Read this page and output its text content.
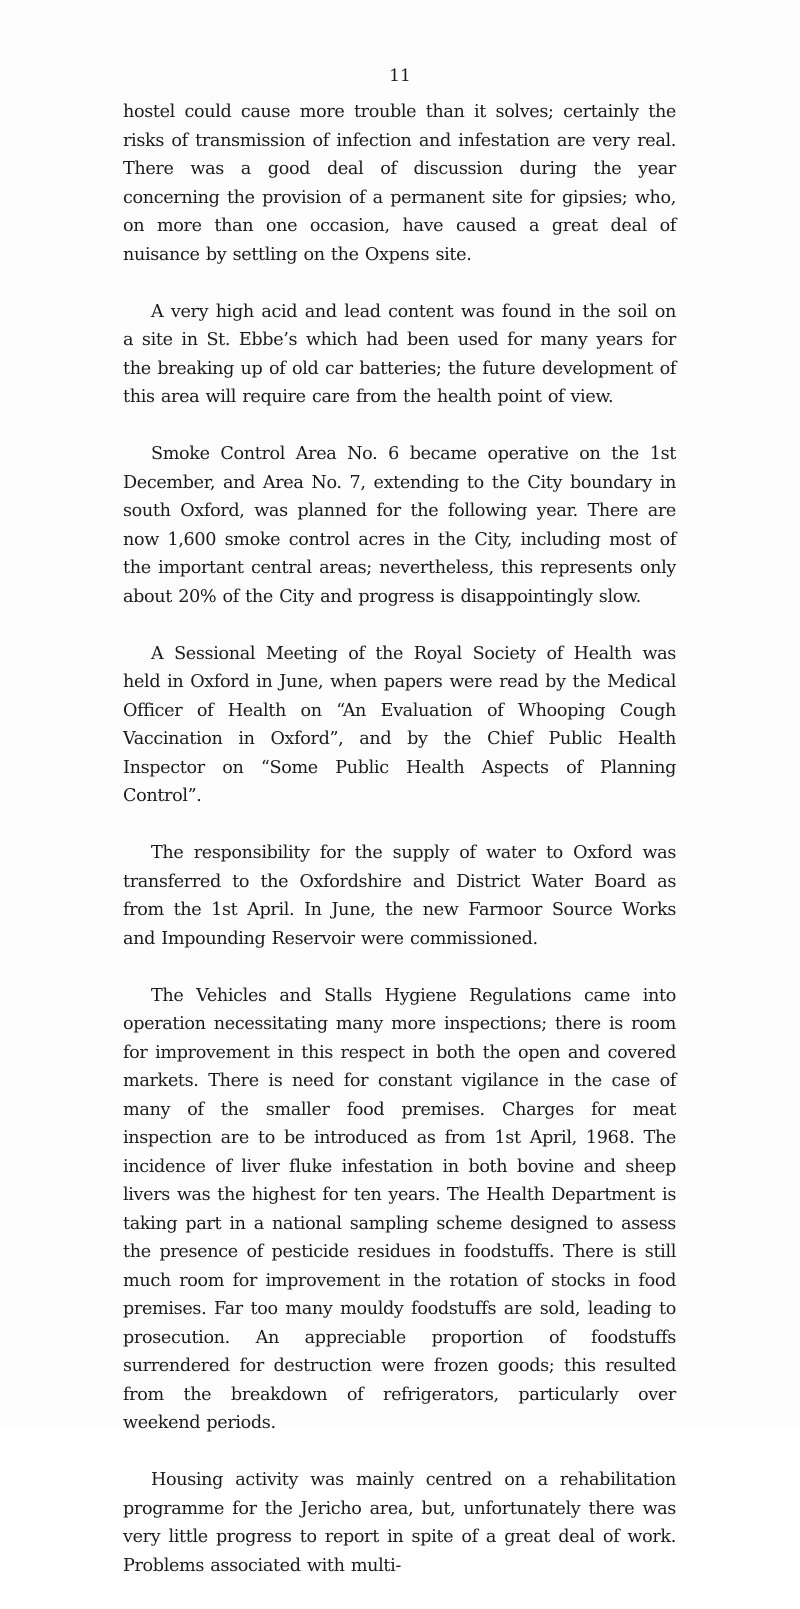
11

hostel could cause more trouble than it solves; certainly the risks of transmission of infection and infestation are very real. There was a good deal of discussion during the year concerning the provision of a permanent site for gipsies; who, on more than one occasion, have caused a great deal of nuisance by settling on the Oxpens site.

A very high acid and lead content was found in the soil on a site in St. Ebbe’s which had been used for many years for the breaking up of old car batteries; the future development of this area will require care from the health point of view.

Smoke Control Area No. 6 became operative on the 1st December, and Area No. 7, extending to the City boundary in south Oxford, was planned for the following year. There are now 1,600 smoke control acres in the City, including most of the important central areas; nevertheless, this represents only about 20% of the City and progress is disappointingly slow.

A Sessional Meeting of the Royal Society of Health was held in Oxford in June, when papers were read by the Medical Officer of Health on “An Evaluation of Whooping Cough Vaccination in Oxford”, and by the Chief Public Health Inspector on “Some Public Health Aspects of Planning Control”.

The responsibility for the supply of water to Oxford was transferred to the Oxfordshire and District Water Board as from the 1st April. In June, the new Farmoor Source Works and Impounding Reservoir were commissioned.

The Vehicles and Stalls Hygiene Regulations came into operation necessitating many more inspections; there is room for improvement in this respect in both the open and covered markets. There is need for constant vigilance in the case of many of the smaller food premises. Charges for meat inspection are to be introduced as from 1st April, 1968. The incidence of liver fluke infestation in both bovine and sheep livers was the highest for ten years. The Health Department is taking part in a national sampling scheme designed to assess the presence of pesticide residues in foodstuffs. There is still much room for improvement in the rotation of stocks in food premises. Far too many mouldy foodstuffs are sold, leading to prosecution. An appreciable proportion of foodstuffs surrendered for destruction were frozen goods; this resulted from the breakdown of refrigerators, particularly over weekend periods.

Housing activity was mainly centred on a rehabilitation programme for the Jericho area, but, unfortunately there was very little progress to report in spite of a great deal of work. Problems associated with multi-
